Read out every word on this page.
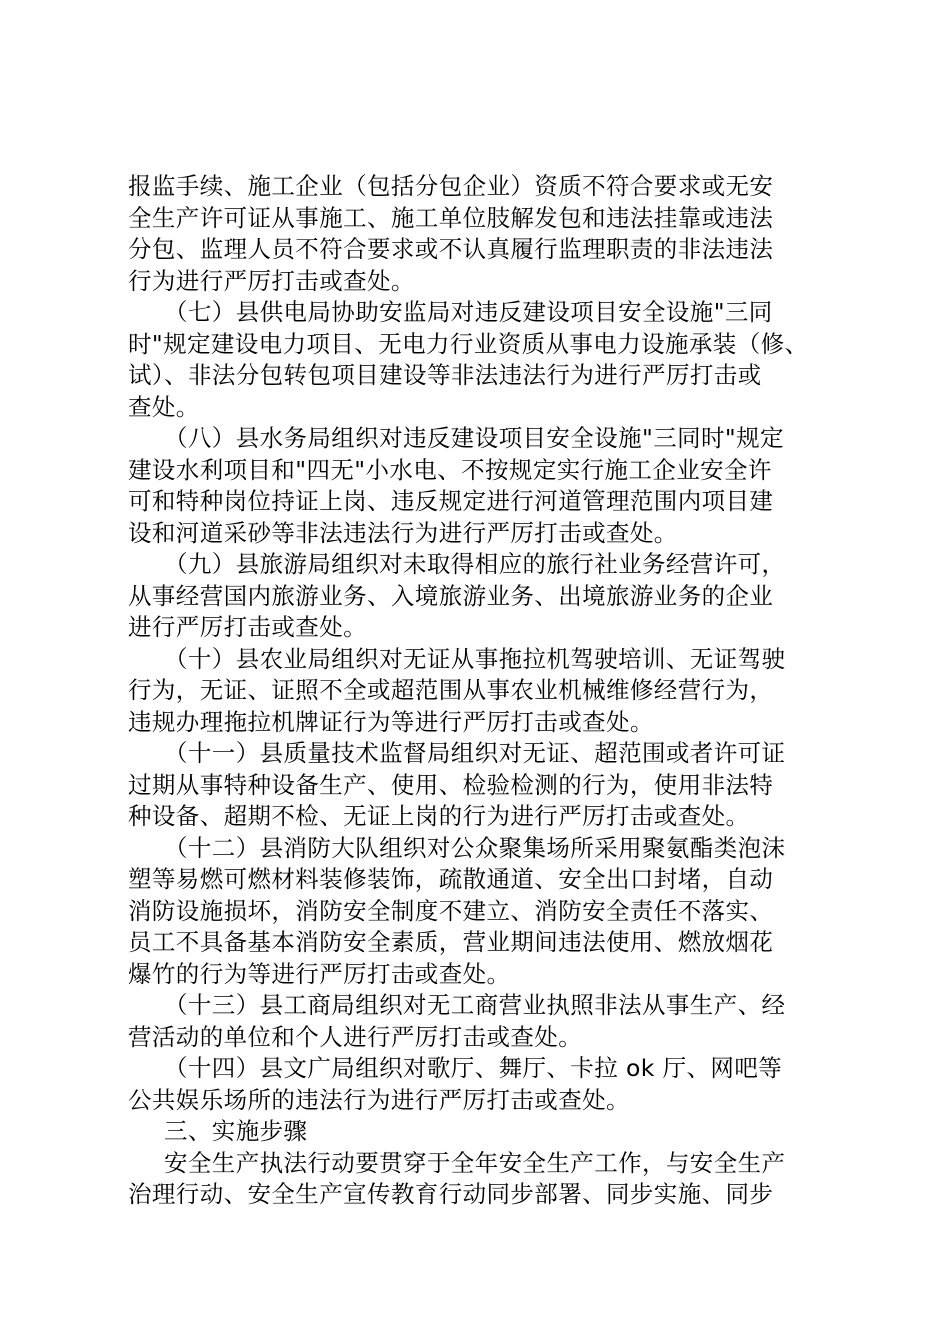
报监手续、施工企业（包括分包企业）资质不符合要求或无安
全生产许可证从事施工、施工单位肢解发包和违法挂靠或违法
分包、监理人员不符合要求或不认真履行监理职责的非法违法
行为进行严厉打击或查处。
（七）县供电局协助安监局对违反建设项目安全设施"三同
时"规定建设电力项目、无电力行业资质从事电力设施承装（修、
试）、非法分包转包项目建设等非法违法行为进行严厉打击或
查处。
（八）县水务局组织对违反建设项目安全设施"三同时"规定
建设水利项目和"四无"小水电、不按规定实行施工企业安全许
可和特种岗位持证上岗、违反规定进行河道管理范围内项目建
设和河道采砂等非法违法行为进行严厉打击或查处。
（九）县旅游局组织对未取得相应的旅行社业务经营许可，
从事经营国内旅游业务、入境旅游业务、出境旅游业务的企业
进行严厉打击或查处。
（十）县农业局组织对无证从事拖拉机驾驶培训、无证驾驶
行为，无证、证照不全或超范围从事农业机械维修经营行为，
违规办理拖拉机牌证行为等进行严厉打击或查处。
（十一）县质量技术监督局组织对无证、超范围或者许可证
过期从事特种设备生产、使用、检验检测的行为，使用非法特
种设备、超期不检、无证上岗的行为进行严厉打击或查处。
（十二）县消防大队组织对公众聚集场所采用聚氨酯类泡沫
塑等易燃可燃材料装修装饰，疏散通道、安全出口封堵，自动
消防设施损坏，消防安全制度不建立、消防安全责任不落实、
员工不具备基本消防安全素质，营业期间违法使用、燃放烟花
爆竹的行为等进行严厉打击或查处。
（十三）县工商局组织对无工商营业执照非法从事生产、经
营活动的单位和个人进行严厉打击或查处。
（十四）县文广局组织对歌厅、舞厅、卡拉 ok 厅、网吧等
公共娱乐场所的违法行为进行严厉打击或查处。
三、实施步骤
安全生产执法行动要贯穿于全年安全生产工作，与安全生产
治理行动、安全生产宣传教育行动同步部署、同步实施、同步
